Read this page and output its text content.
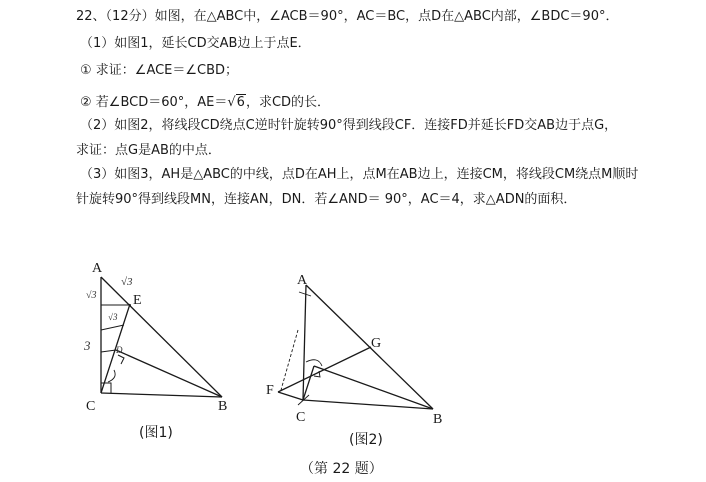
22、（12分）如图，在△ABC中，∠ACB＝90°，AC＝BC，点D在△ABC内部，∠BDC＝90°．
（1）如图1，延长CD交AB边上于点E．
① 求证：∠ACE＝∠CBD；
② 若∠BCD＝60°，AE＝√6，求CD的长．
（2）如图2，将线段CD绕点C逆时针旋转90°得到线段CF．连接FD并延长FD交AB边于点G，
求证：点G是AB的中点．
（3）如图3，AH是△ABC的中线，点D在AH上，点M在AB边上，连接CM，将线段CM绕点M顺时
针旋转90°得到线段MN，连接AN，DN．若∠AND＝ 90°，AC＝4，求△ADN的面积．
A
E
C	B
D
√3
√3
3
√3
(图1)
A
G
F
C	B
(图2)
（第 22 题）
